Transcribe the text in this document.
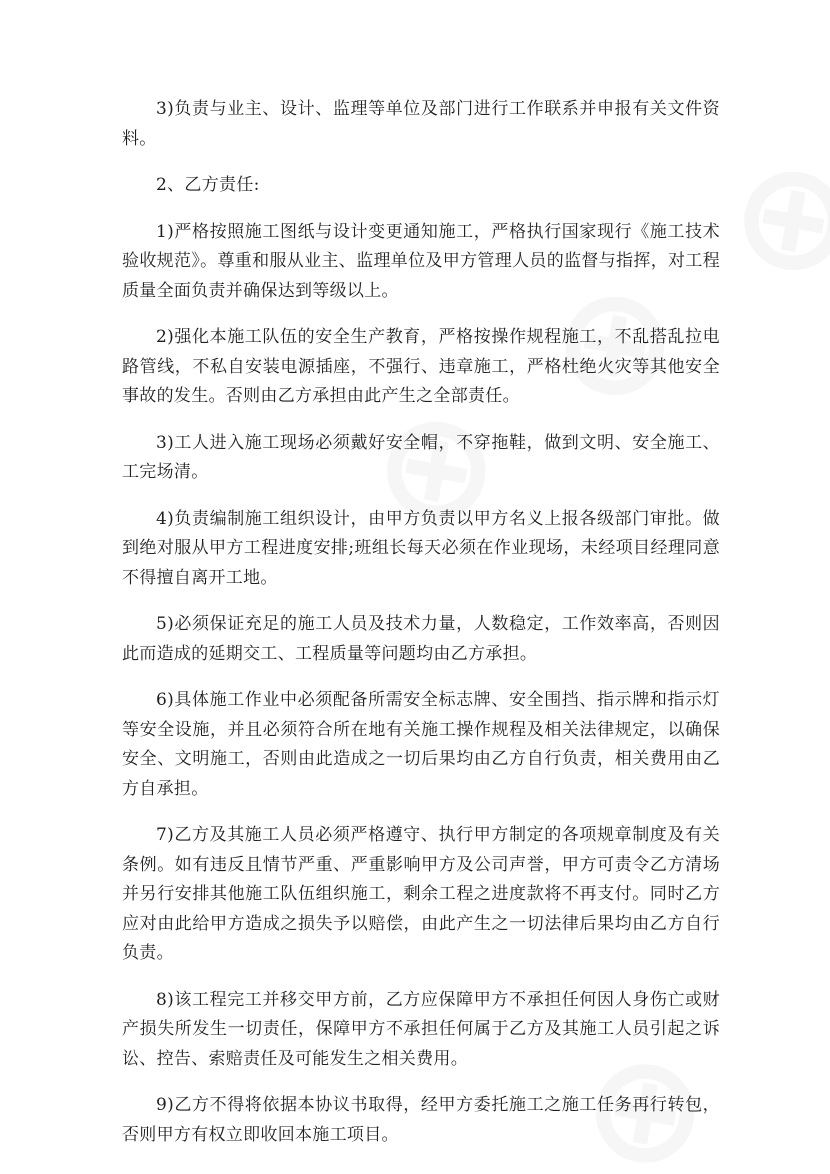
3)负责与业主、设计、监理等单位及部门进行工作联系并申报有关文件资料。

2、乙方责任:

1)严格按照施工图纸与设计变更通知施工，严格执行国家现行《施工技术验收规范》。尊重和服从业主、监理单位及甲方管理人员的监督与指挥，对工程质量全面负责并确保达到等级以上。

2)强化本施工队伍的安全生产教育，严格按操作规程施工，不乱搭乱拉电路管线，不私自安装电源插座，不强行、违章施工，严格杜绝火灾等其他安全事故的发生。否则由乙方承担由此产生之全部责任。

3)工人进入施工现场必须戴好安全帽，不穿拖鞋，做到文明、安全施工、工完场清。

4)负责编制施工组织设计，由甲方负责以甲方名义上报各级部门审批。做到绝对服从甲方工程进度安排;班组长每天必须在作业现场，未经项目经理同意不得擅自离开工地。

5)必须保证充足的施工人员及技术力量，人数稳定，工作效率高，否则因此而造成的延期交工、工程质量等问题均由乙方承担。

6)具体施工作业中必须配备所需安全标志牌、安全围挡、指示牌和指示灯等安全设施，并且必须符合所在地有关施工操作规程及相关法律规定，以确保安全、文明施工，否则由此造成之一切后果均由乙方自行负责，相关费用由乙方自承担。

7)乙方及其施工人员必须严格遵守、执行甲方制定的各项规章制度及有关条例。如有违反且情节严重、严重影响甲方及公司声誉，甲方可责令乙方清场并另行安排其他施工队伍组织施工，剩余工程之进度款将不再支付。同时乙方应对由此给甲方造成之损失予以赔偿，由此产生之一切法律后果均由乙方自行负责。

8)该工程完工并移交甲方前，乙方应保障甲方不承担任何因人身伤亡或财产损失所发生一切责任，保障甲方不承担任何属于乙方及其施工人员引起之诉讼、控告、索赔责任及可能发生之相关费用。

9)乙方不得将依据本协议书取得，经甲方委托施工之施工任务再行转包，否则甲方有权立即收回本施工项目。
